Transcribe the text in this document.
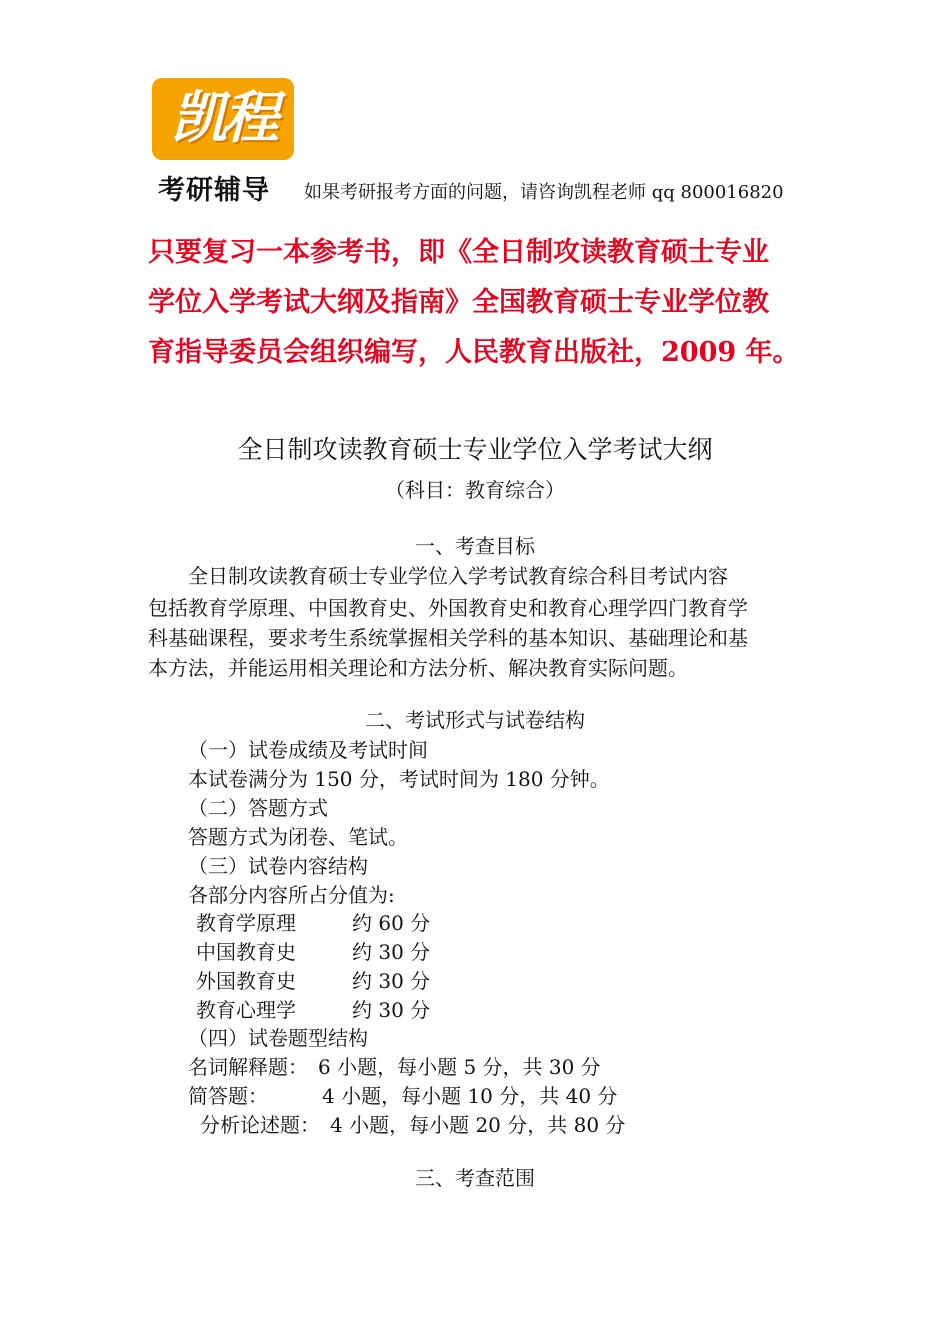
凯程
考研辅导 如果考研报考方面的问题，请咨询凯程老师 qq 800016820
只要复习一本参考书，即《全日制攻读教育硕士专业
学位入学考试大纲及指南》全国教育硕士专业学位教
育指导委员会组织编写，人民教育出版社，2009 年。
全日制攻读教育硕士专业学位入学考试大纲
（科目：教育综合）
一、考查目标
全日制攻读教育硕士专业学位入学考试教育综合科目考试内容
包括教育学原理、中国教育史、外国教育史和教育心理学四门教育学
科基础课程，要求考生系统掌握相关学科的基本知识、基础理论和基
本方法，并能运用相关理论和方法分析、解决教育实际问题。
二、考试形式与试卷结构
（一）试卷成绩及考试时间
本试卷满分为 150 分，考试时间为 180 分钟。
（二）答题方式
答题方式为闭卷、笔试。
（三）试卷内容结构
各部分内容所占分值为:
教育学原理	约 60 分
中国教育史	约 30 分
外国教育史	约 30 分
教育心理学	约 30 分
（四）试卷题型结构
名词解释题： 6 小题，每小题 5 分，共 30 分
简答题：	4 小题，每小题 10 分，共 40 分
分析论述题： 4 小题，每小题 20 分，共 80 分
三、考查范围
